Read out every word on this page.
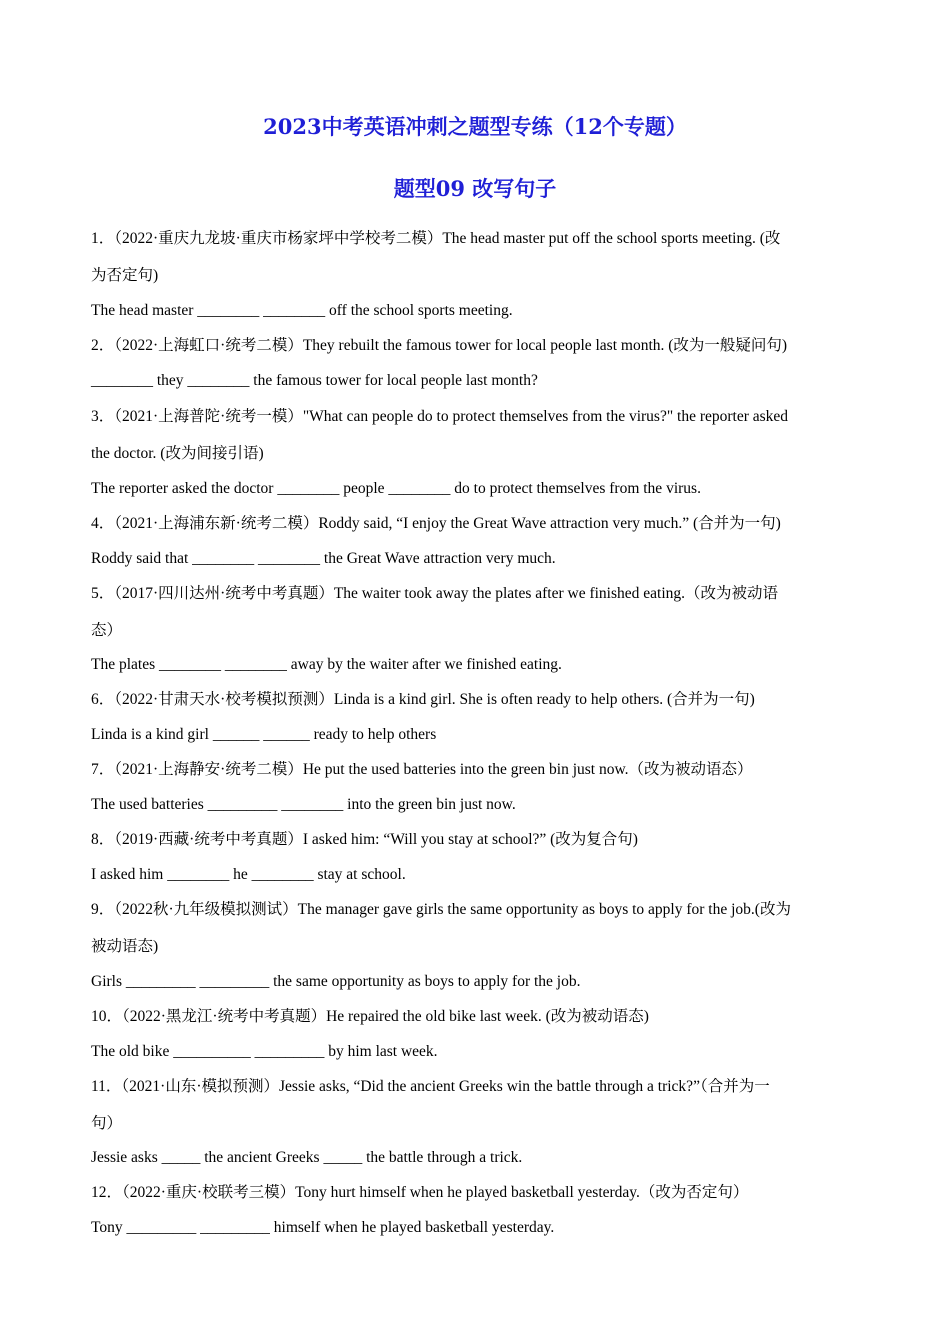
2023中考英语冲刺之题型专练（12个专题）
题型09 改写句子
1．（2022·重庆九龙坡·重庆市杨家坪中学校考二模）The head master put off the school sports meeting. (改
为否定句)
The head master ________ ________ off the school sports meeting.
2．（2022·上海虹口·统考二模）They rebuilt the famous tower for local people last month. (改为一般疑问句)
________ they ________ the famous tower for local people last month?
3．（2021·上海普陀·统考一模）"What can people do to protect themselves from the virus?" the reporter asked
the doctor. (改为间接引语)
The reporter asked the doctor ________ people ________ do to protect themselves from the virus.
4．（2021·上海浦东新·统考二模）Roddy said, “I enjoy the Great Wave attraction very much.” (合并为一句)
Roddy said that ________ ________ the Great Wave attraction very much.
5．（2017·四川达州·统考中考真题）The waiter took away the plates after we finished eating.（改为被动语
态）
The plates ________ ________ away by the waiter after we finished eating.
6．（2022·甘肃天水·校考模拟预测）Linda is a kind girl. She is often ready to help others. (合并为一句)
Linda is a kind girl ______ ______ ready to help others
7．（2021·上海静安·统考二模）He put the used batteries into the green bin just now.（改为被动语态）
The used batteries _________ ________ into the green bin just now.
8．（2019·西藏·统考中考真题）I asked him: “Will you stay at school?” (改为复合句)
I asked him ________ he ________ stay at school.
9．（2022秋·九年级模拟测试）The manager gave girls the same opportunity as boys to apply for the job.(改为
被动语态)
Girls _________ _________ the same opportunity as boys to apply for the job.
10．（2022·黑龙江·统考中考真题）He repaired the old bike last week. (改为被动语态)
The old bike __________ _________ by him last week.
11．（2021·山东·模拟预测）Jessie asks, “Did the ancient Greeks win the battle through a trick?”（合并为一
句）
Jessie asks _____ the ancient Greeks _____ the battle through a trick.
12．（2022·重庆·校联考三模）Tony hurt himself when he played basketball yesterday.（改为否定句）
Tony _________ _________ himself when he played basketball yesterday.
